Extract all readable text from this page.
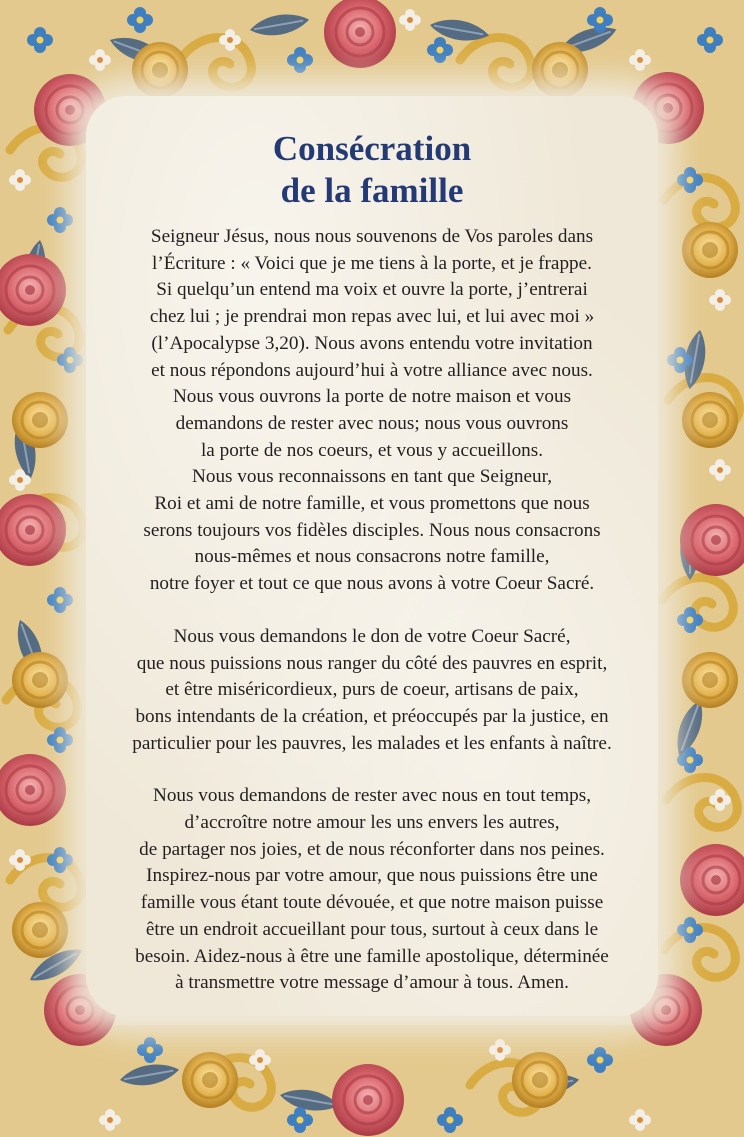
Consécration
de la famille

Seigneur Jésus, nous nous souvenons de Vos paroles dans
l’Écriture : « Voici que je me tiens à la porte, et je frappe.
Si quelqu’un entend ma voix et ouvre la porte, j’entrerai
chez lui ; je prendrai mon repas avec lui, et lui avec moi »
(l’Apocalypse 3,20). Nous avons entendu votre invitation
et nous répondons aujourd’hui à votre alliance avec nous.
Nous vous ouvrons la porte de notre maison et vous
demandons de rester avec nous; nous vous ouvrons
la porte de nos coeurs, et vous y accueillons.
Nous vous reconnaissons en tant que Seigneur,
Roi et ami de notre famille, et vous promettons que nous
serons toujours vos fidèles disciples. Nous nous consacrons
nous-mêmes et nous consacrons notre famille,
notre foyer et tout ce que nous avons à votre Coeur Sacré.

Nous vous demandons le don de votre Coeur Sacré,
que nous puissions nous ranger du côté des pauvres en esprit,
et être miséricordieux, purs de coeur, artisans de paix,
bons intendants de la création, et préoccupés par la justice, en
particulier pour les pauvres, les malades et les enfants à naître.

Nous vous demandons de rester avec nous en tout temps,
d’accroître notre amour les uns envers les autres,
de partager nos joies, et de nous réconforter dans nos peines.
Inspirez-nous par votre amour, que nous puissions être une
famille vous étant toute dévouée, et que notre maison puisse
être un endroit accueillant pour tous, surtout à ceux dans le
besoin. Aidez-nous à être une famille apostolique, déterminée
à transmettre votre message d’amour à tous. Amen.
